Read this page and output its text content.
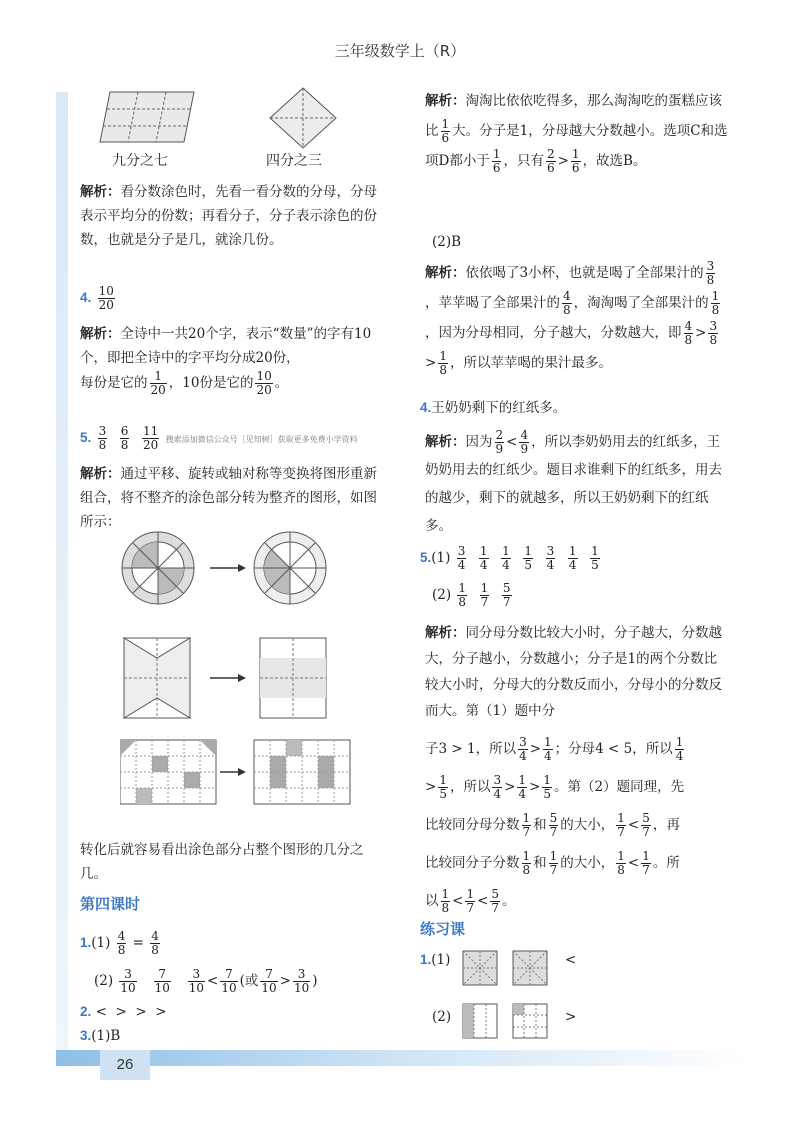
三年级数学上（R）
26
九分之七	四分之三
解析：看分数涂色时，先看一看分数的分母，分母表示平均分的份数；再看分子，分子表示涂色的份数，也就是分子是几，就涂几份。
4. $\frac{10}{20}$
解析：全诗中一共20个字，表示“数量”的字有10个，即把全诗中的字平均分成20份，
每份是它的 $\frac{1}{20}$ ，10份是它的 $\frac{10}{20}$ 。
5. $\frac{3}{8}$
$\frac{6}{8}$
$\frac{11}{20}$ 搜索添加微信公众号［见知树］获取更多免费小学资料
解析：通过平移、旋转或轴对称等变换将图形重新组合，将不整齐的涂色部分转为整齐的图形，如图所示：
转化后就容易看出涂色部分占整个图形的几分之几。
第四课时
$1.(1) \frac{4}{8} = \frac{4}{8}$
$(2) \frac{3}{10}$
$\frac{7}{10}$
$\frac{3}{10} < \frac{7}{10}$ (或 $\frac{7}{10} > \frac{3}{10}$ )
2. <  >  >  >
3.(1)B
解析：淘淘比依依吃得多，那么淘淘吃的蛋糕应该比 $\frac{1}{6}$ 大。分子是1，分母越大分数越小。选项C和选项D都小于 $\frac{1}{6}$ ，只有 $\frac{2}{6} > \frac{1}{6}$ ，故选B。
(2)B
解析：依依喝了3小杯，也就是喝了全部果汁的 $\frac{3}{8}$
，苹苹喝了全部果汁的 $\frac{4}{8}$ ，淘淘喝了全部果汁的 $\frac{1}{8}$
，因为分母相同，分子越大，分数越大，即 $\frac{4}{8} > \frac{3}{8}$
> $\frac{1}{8}$ ，所以苹苹喝的果汁最多。
4.王奶奶剩下的红纸多。
解析：因为 $\frac{2}{9} < \frac{4}{9}$ ，所以李奶奶用去的红纸多，王奶奶用去的红纸少。题目求谁剩下的红纸多，用去的越少，剩下的就越多，所以王奶奶剩下的红纸多。
$5.(1) \frac{3}{4}$
$\frac{1}{4}$
$\frac{1}{4}$
$\frac{1}{5}$
$\frac{3}{4}$
$\frac{1}{4}$
$\frac{1}{5}$
$(2) \frac{1}{8}$
$\frac{1}{7}$
$\frac{5}{7}$
解析：同分母分数比较大小时，分子越大，分数越大，分子越小，分数越小；分子是1的两个分数比较大小时，分母大的分数反而小，分母小的分数反而大。第（1）题中分
子3 > 1，所以 $\frac{3}{4} > \frac{1}{4}$ ；分母4 < 5，所以 $\frac{1}{4}$

> $\frac{1}{5}$ ，所以 $\frac{3}{4} > \frac{1}{4} > \frac{1}{5}$ 。第（2）题同理，先
比较同分母分数 $\frac{1}{7}$ 和 $\frac{5}{7}$ 的大小， $\frac{1}{7} < \frac{5}{7}$ ，再
比较同分子分数 $\frac{1}{8}$ 和 $\frac{1}{7}$ 的大小， $\frac{1}{8} < \frac{1}{7}$ 。所
以 $\frac{1}{8} < \frac{1}{7} < \frac{5}{7}$ 。
练习课
1.(1)	<
(2)	>
